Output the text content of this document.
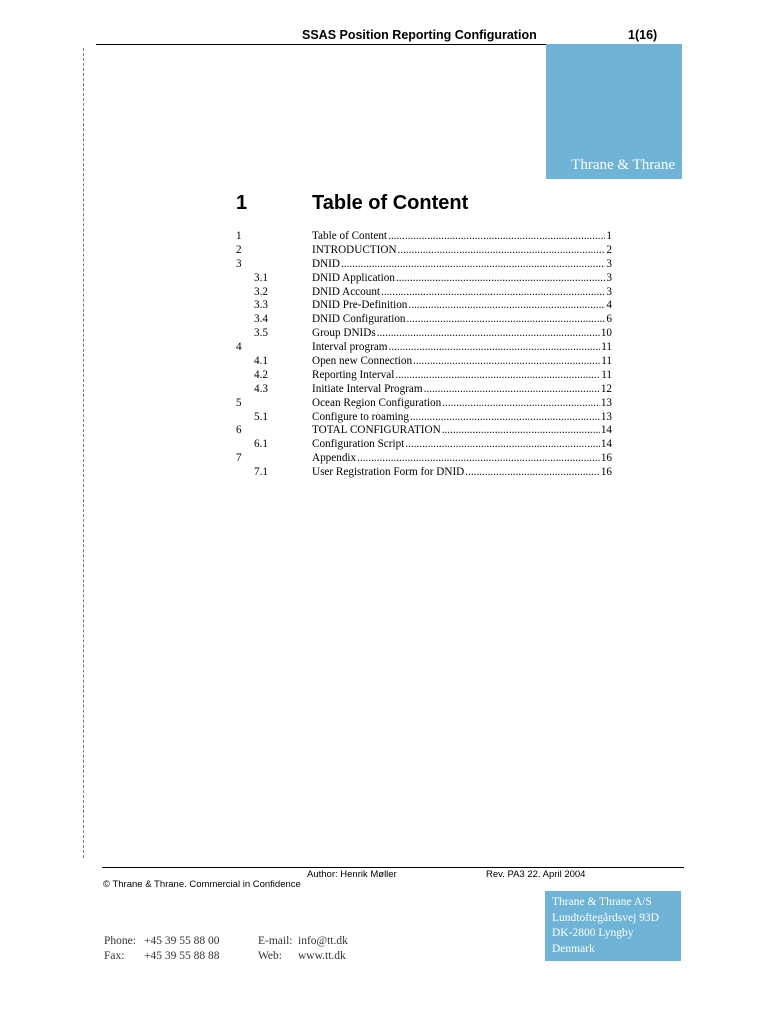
SSAS Position Reporting Configuration	1(16)
Thrane & Thrane
1	Table of Content
1	Table of Content .....	1
2	INTRODUCTION .....	2
3	DNID .....	3
3.1	DNID Application .....	3
3.2	DNID Account .....	3
3.3	DNID Pre-Definition .....	4
3.4	DNID Configuration .....	6
3.5	Group DNIDs .....	10
4	Interval program .....	11
4.1	Open new Connection .....	11
4.2	Reporting Interval .....	11
4.3	Initiate Interval Program .....	12
5	Ocean Region Configuration .....	13
5.1	Configure to roaming .....	13
6	TOTAL CONFIGURATION .....	14
6.1	Configuration Script .....	14
7	Appendix .....	16
7.1	User Registration Form for DNID .....	16
Author: Henrik Møller	Rev. PA3 22. April 2004
© Thrane & Thrane. Commercial in Confidence
Thrane & Thrane A/S
Lundtoftegårdsvej 93D
DK-2800 Lyngby
Denmark
Phone: +45 39 55 88 00
Fax: +45 39 55 88 88
E-mail: info@tt.dk
Web: www.tt.dk
